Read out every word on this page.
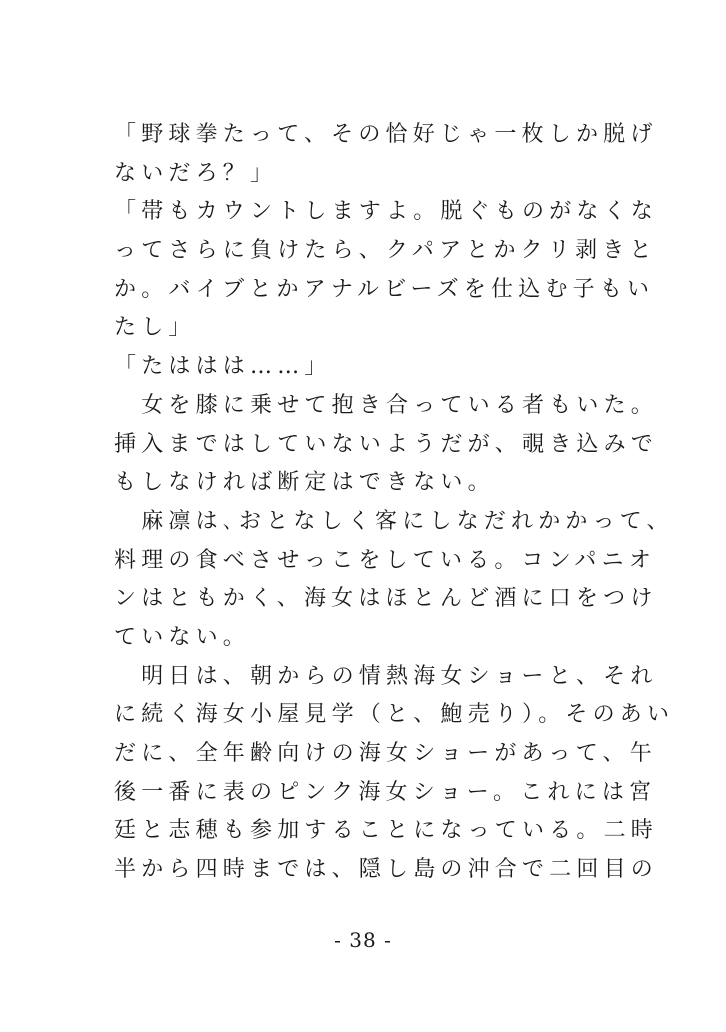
「野球拳たって、その恰好じゃ一枚しか脱げ
ないだろ？」
「帯もカウントしますよ。脱ぐものがなくな
ってさらに負けたら、クパアとかクリ剥きと
か。バイブとかアナルビーズを仕込む子もい
たし」
「たははは……」
　女を膝に乗せて抱き合っている者もいた。
挿入まではしていないようだが、覗き込みで
もしなければ断定はできない。
　麻凛は､おとなしく客にしなだれかかって、
料理の食べさせっこをしている。コンパニオ
ンはともかく、海女はほとんど酒に口をつけ
ていない。
　明日は、朝からの情熱海女ショーと、それ
に続く海女小屋見学（と、鮑売り）。そのあい
だに、全年齢向けの海女ショーがあって、午
後一番に表のピンク海女ショー。これには宮
廷と志穂も参加することになっている。二時
半から四時までは、隠し島の沖合で二回目の
- 38 -
